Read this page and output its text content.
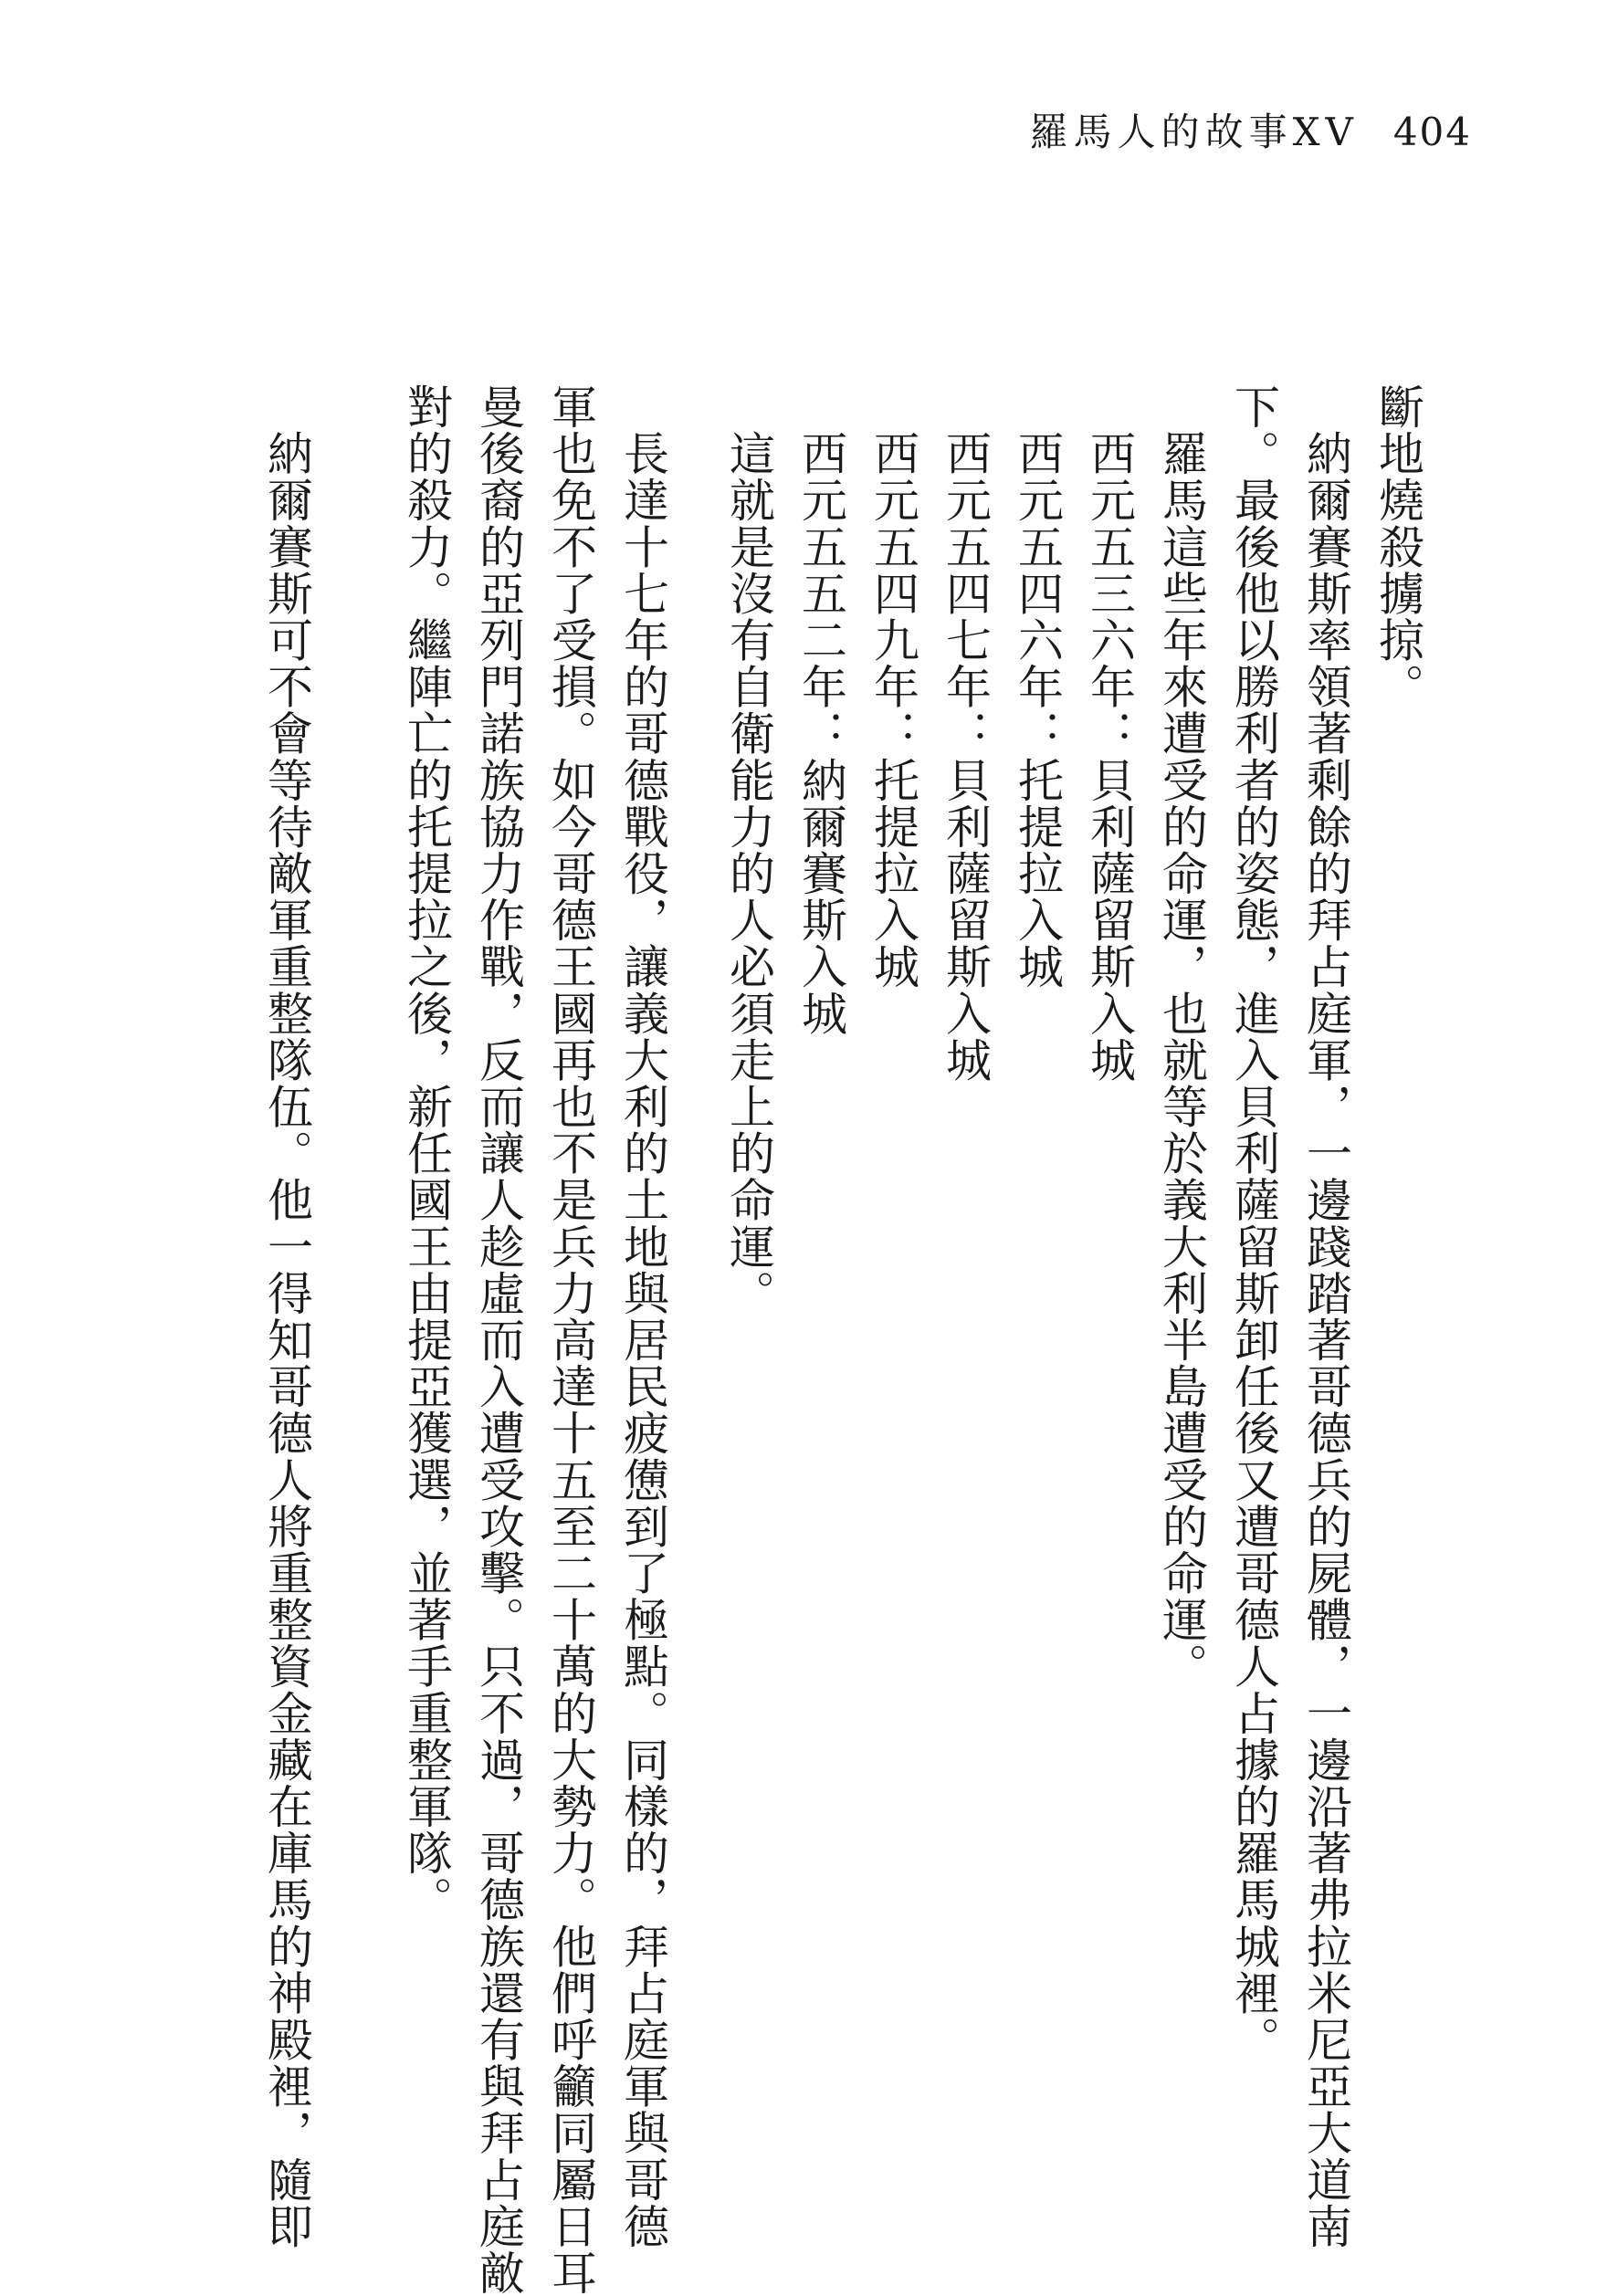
羅馬人的故事XV 404
斷地燒殺擄掠。
　納爾賽斯率領著剩餘的拜占庭軍，一邊踐踏著哥德兵的屍體，一邊沿著弗拉米尼亞大道南
下。最後他以勝利者的姿態，進入貝利薩留斯卸任後又遭哥德人占據的羅馬城裡。
　羅馬這些年來遭受的命運，也就等於義大利半島遭受的命運。
　西元五三六年：貝利薩留斯入城
　西元五四六年：托提拉入城
　西元五四七年：貝利薩留斯入城
　西元五四九年：托提拉入城
　西元五五二年：納爾賽斯入城
　這就是沒有自衛能力的人必須走上的命運。
　長達十七年的哥德戰役，讓義大利的土地與居民疲憊到了極點。同樣的，拜占庭軍與哥德
軍也免不了受損。如今哥德王國再也不是兵力高達十五至二十萬的大勢力。他們呼籲同屬日耳
曼後裔的亞列門諾族協力作戰，反而讓人趁虛而入遭受攻擊。只不過，哥德族還有與拜占庭敵
對的殺力。繼陣亡的托提拉之後，新任國王由提亞獲選，並著手重整軍隊。
　納爾賽斯可不會等待敵軍重整隊伍。他一得知哥德人將重整資金藏在庫馬的神殿裡，隨即
